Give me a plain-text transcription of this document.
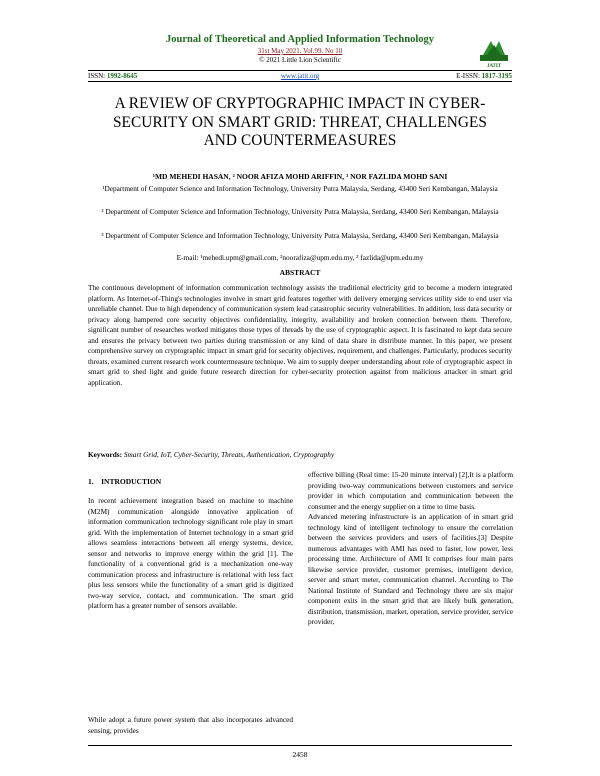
Journal of Theoretical and Applied Information Technology
31st May 2021. Vol.99. No 10
© 2021 Little Lion Scientific
JATIT
ISSN: 1992-8645	www.jatit.org	E-ISSN: 1817-3195
A REVIEW OF CRYPTOGRAPHIC IMPACT IN CYBER-SECURITY ON SMART GRID: THREAT, CHALLENGES AND COUNTERMEASURES
¹MD MEHEDI HASAN, ² NOOR AFIZA MOHD ARIFFIN, ³ NOR FAZLIDA MOHD SANI
¹Department of Computer Science and Information Technology, University Putra Malaysia, Serdang, 43400 Seri Kembangan, Malaysia
² Department of Computer Science and Information Technology, University Putra Malaysia, Serdang, 43400 Seri Kembangan, Malaysia
³ Department of Computer Science and Information Technology, University Putra Malaysia, Serdang, 43400 Seri Kembangan, Malaysia
E-mail: ¹mehedi.upm@gmail.com, ²noorafiza@upm.edu.my, ³ fazlida@upm.edu.my
ABSTRACT
The continuous development of information communication technology assists the traditional electricity grid to become a modern integrated platform. As Internet-of-Thing's technologies involve in smart grid features together with delivery emerging services utility side to end user via unreliable channel. Due to high dependency of communication system lead catastrophic security vulnerabilities. In addition, loss data security or privacy along hampered core security objectives confidentiality, integrity, availability and broken connection between them. Therefore, significant number of researches worked mitigates those types of threads by the use of cryptographic aspect. It is fascinated to kept data secure and ensures the privacy between two parties during transmission or any kind of data share in distribute manner. In this paper, we present comprehensive survey on cryptographic impact in smart grid for security objectives, requirement, and challenges. Particularly, produces security threats, examined current research work countermeasure technique. We aim to supply deeper understanding about role of cryptographic aspect in smart grid to shed light and guide future research direction for cyber-security protection against from malicious attacker in smart grid application.
Keywords: Smart Grid, IoT, Cyber-Security, Threats, Authentication, Cryptography
1.    INTRODUCTION

In recent achievement integration based on machine to machine (M2M) communication alongside innovative application of information communication technology significant role play in smart grid. With the implementation of Internet technology in a smart grid allows seamless interactions between all energy systems, device, sensor and networks to improve energy within the grid [1]. The functionality of a conventional grid is a mechanization one-way communication process and infrastructure is relational with less fact plus less sensors while the functionality of a smart grid is digitized two-way service, contact, and communication. The smart grid platform has a greater number of sensors available.

While adopt a future power system that also incorporates advanced sensing, provides

effective billing (Real time: 15-20 minute interval) [2],It is a platform providing two-way communications between customers and service provider in which computation and communication between the consumer and the energy supplier on a time to time basis.

Advanced metering infrastructure is an application of in smart grid technology kind of intelligent technology to ensure the correlation between the services providers and users of facilities.[3] Despite numerous advantages with AMI has need to faster, low power, less processing time. Architecture of AMI It comprises four main parts likewise service provider, customer premises, intelligent device, server and smart meter, communication channel. According to The National Institute of Standard and Technology there are six major component exits in the smart grid that are likely bulk generation, distribution, transmission, market, operation, service provider, service provider,

2458
